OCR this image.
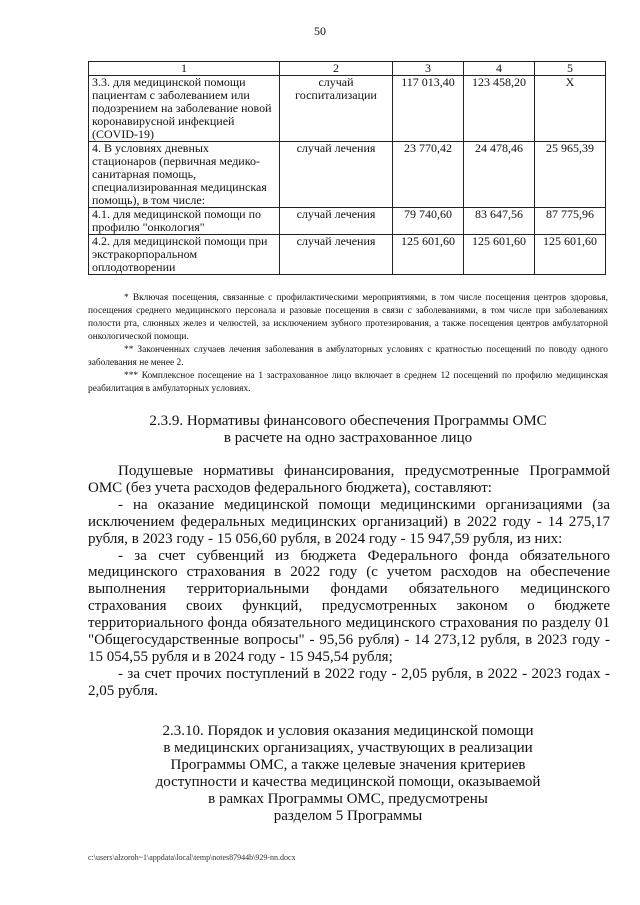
50
1	2	3	4	5
3.3. для медицинской помощи пациентам с заболеванием или подозрением на заболевание новой коронавирусной инфекцией (COVID-19)	случай госпитализации	117 013,40	123 458,20	X
4. В условиях дневных стационаров (первичная медико-санитарная помощь, специализированная медицинская помощь), в том числе:	случай лечения	23 770,42	24 478,46	25 965,39
4.1. для медицинской помощи по профилю "онкология"	случай лечения	79 740,60	83 647,56	87 775,96
4.2. для медицинской помощи при экстракорпоральном оплодотворении	случай лечения	125 601,60	125 601,60	125 601,60

* Включая посещения, связанные с профилактическими мероприятиями, в том числе посещения центров здоровья, посещения среднего медицинского персонала и разовые посещения в связи с заболеваниями, в том числе при заболеваниях полости рта, слюнных желез и челюстей, за исключением зубного протезирования, а также посещения центров амбулаторной онкологической помощи.

** Законченных случаев лечения заболевания в амбулаторных условиях с кратностью посещений по поводу одного заболевания не менее 2.

*** Комплексное посещение на 1 застрахованное лицо включает в среднем 12 посещений по профилю медицинская реабилитация в амбулаторных условиях.

2.3.9. Нормативы финансового обеспечения Программы ОМС
в расчете на одно застрахованное лицо

Подушевые нормативы финансирования, предусмотренные Программой ОМС (без учета расходов федерального бюджета), составляют:

- на оказание медицинской помощи медицинскими организациями (за исключением федеральных медицинских организаций) в 2022 году - 14 275,17 рубля, в 2023 году - 15 056,60 рубля, в 2024 году - 15 947,59 рубля, из них:

- за счет субвенций из бюджета Федерального фонда обязательного медицинского страхования в 2022 году (с учетом расходов на обеспечение выполнения территориальными фондами обязательного медицинского страхования своих функций, предусмотренных законом о бюджете территориального фонда обязательного медицинского страхования по разделу 01 "Общегосударственные вопросы" - 95,56 рубля) - 14 273,12 рубля, в 2023 году - 15 054,55 рубля и в 2024 году - 15 945,54 рубля;

- за счет прочих поступлений в 2022 году - 2,05 рубля, в 2022 - 2023 годах - 2,05 рубля.

2.3.10. Порядок и условия оказания медицинской помощи
в медицинских организациях, участвующих в реализации
Программы ОМС, а также целевые значения критериев
доступности и качества медицинской помощи, оказываемой
в рамках Программы ОМС, предусмотрены
разделом 5 Программы
c:\users\alzoroh~1\appdata\local\temp\notes87944b\929-nn.docx
